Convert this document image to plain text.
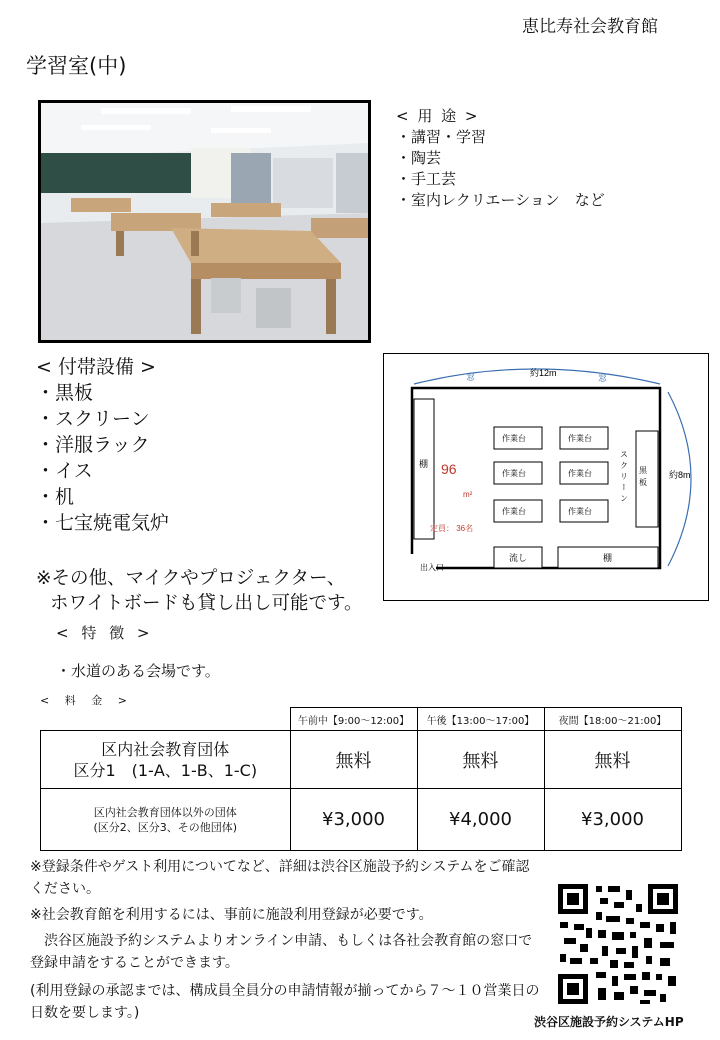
恵比寿社会教育館
学習室(中)
< 用 途 >
・講習・学習
・陶芸
・手工芸
・室内レクリエーション　など
< 付帯設備 >
・黒板
・スクリーン
・洋服ラック
・イス
・机
・七宝焼電気炉
※その他、マイクやプロジェクター、
ホワイトボードも貸し出し可能です。
窓	窓
約12m
約8m
棚 96
m²
定員： 36名
作業台	作業台
作業台	作業台
作業台	作業台
スクリーン 黒板
流し	棚
出入口
< 特 徴 >
・水道のある会場です。
< 料 金 >
	午前中【9:00～12:00】	午後【13:00～17:00】	夜間【18:00～21:00】

区内社会教育団体
区分1　(1-A、1-B、1-C)	無料	無料	無料

区内社会教育団体以外の団体
(区分2、区分3、その他団体)	¥3,000	¥4,000	¥3,000
※登録条件やゲスト利用についてなど、詳細は渋谷区施設予約システムをご確認ください。
※社会教育館を利用するには、事前に施設利用登録が必要です。
　渋谷区施設予約システムよりオンライン申請、もしくは各社会教育館の窓口で登録申請をすることができます。
(利用登録の承認までは、構成員全員分の申請情報が揃ってから７～１０営業日の日数を要します。)
渋谷区施設予約システムHP
